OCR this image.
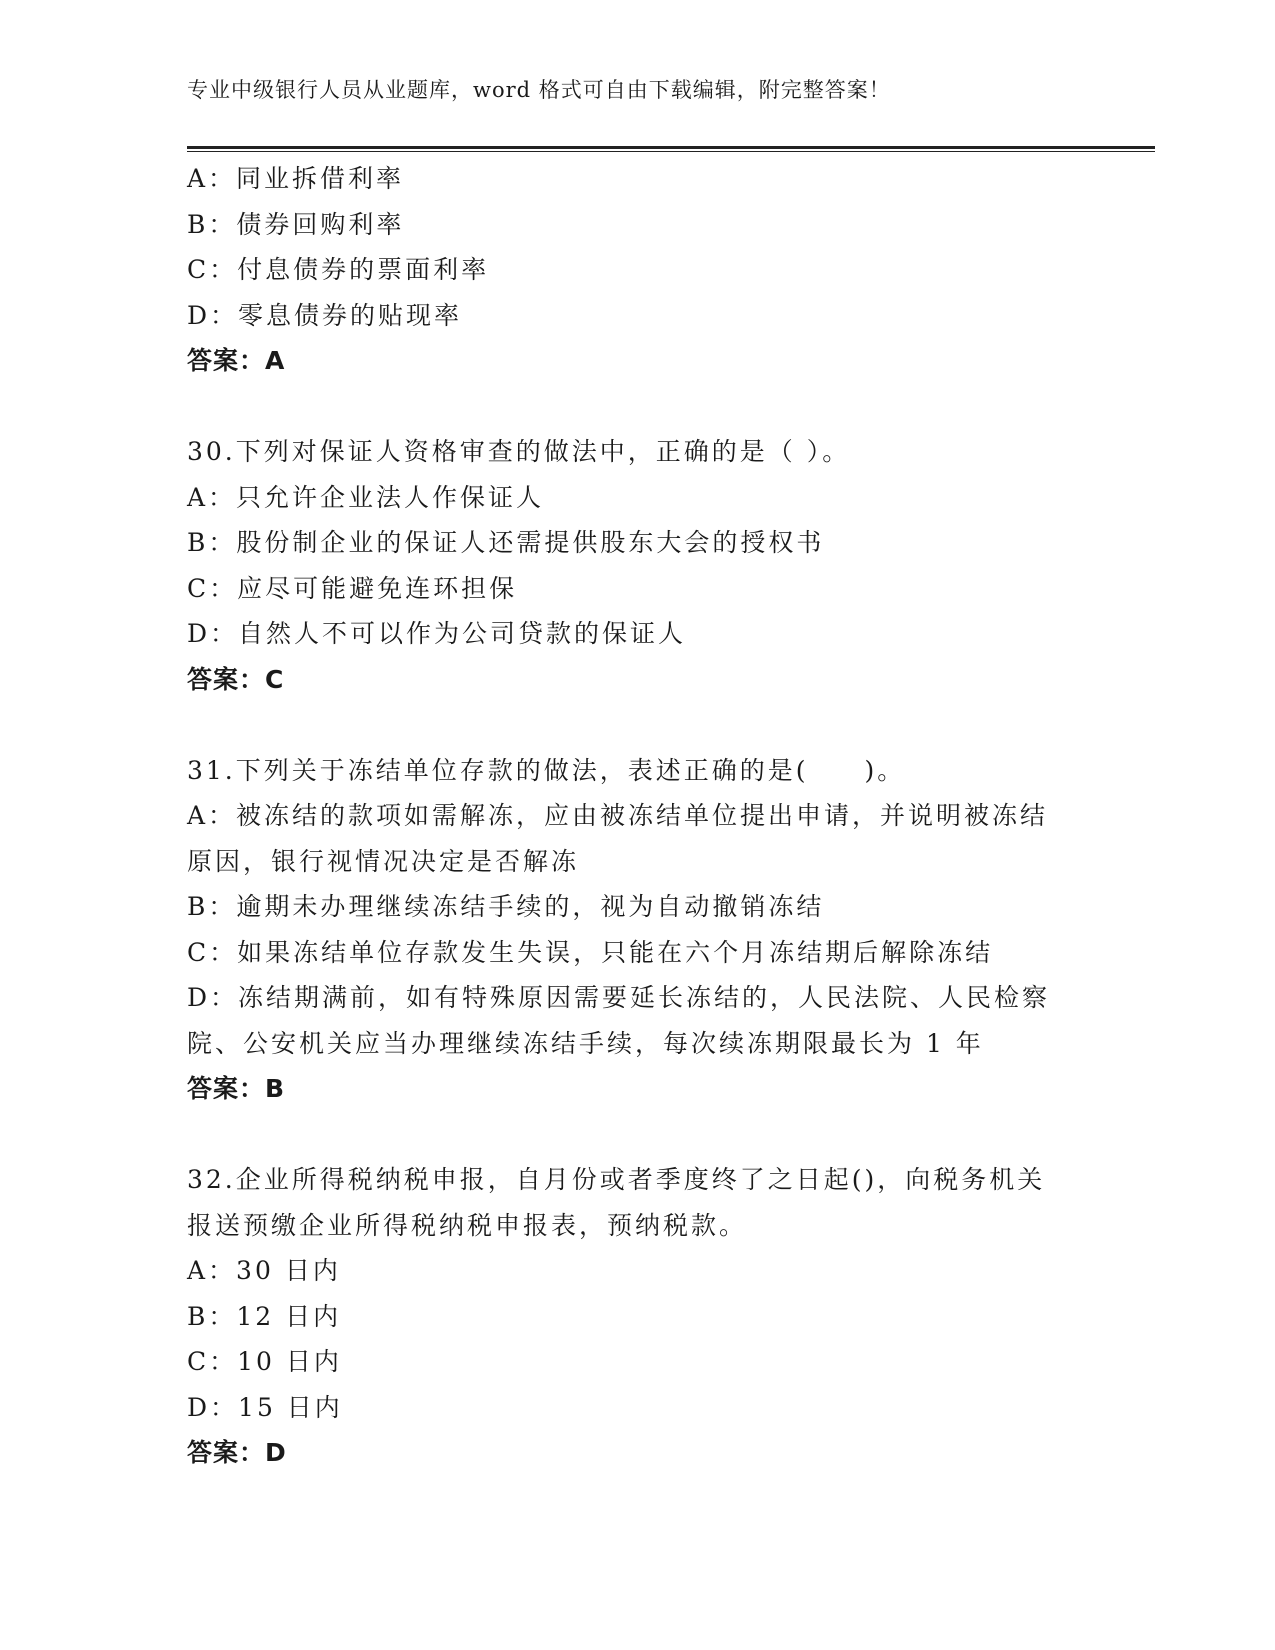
专业中级银行人员从业题库，word 格式可自由下载编辑，附完整答案！
A：同业拆借利率
B：债券回购利率
C：付息债券的票面利率
D：零息债券的贴现率
答案：A
30.下列对保证人资格审查的做法中，正确的是（ ）。
A：只允许企业法人作保证人
B：股份制企业的保证人还需提供股东大会的授权书
C：应尽可能避免连环担保
D：自然人不可以作为公司贷款的保证人
答案：C
31.下列关于冻结单位存款的做法，表述正确的是(　　)。
A：被冻结的款项如需解冻，应由被冻结单位提出申请，并说明被冻结
原因，银行视情况决定是否解冻
B：逾期未办理继续冻结手续的，视为自动撤销冻结
C：如果冻结单位存款发生失误，只能在六个月冻结期后解除冻结
D：冻结期满前，如有特殊原因需要延长冻结的，人民法院、人民检察
院、公安机关应当办理继续冻结手续，每次续冻期限最长为 1 年
答案：B
32.企业所得税纳税申报，自月份或者季度终了之日起()，向税务机关
报送预缴企业所得税纳税申报表，预纳税款。
A：30 日内
B：12 日内
C：10 日内
D：15 日内
答案：D
